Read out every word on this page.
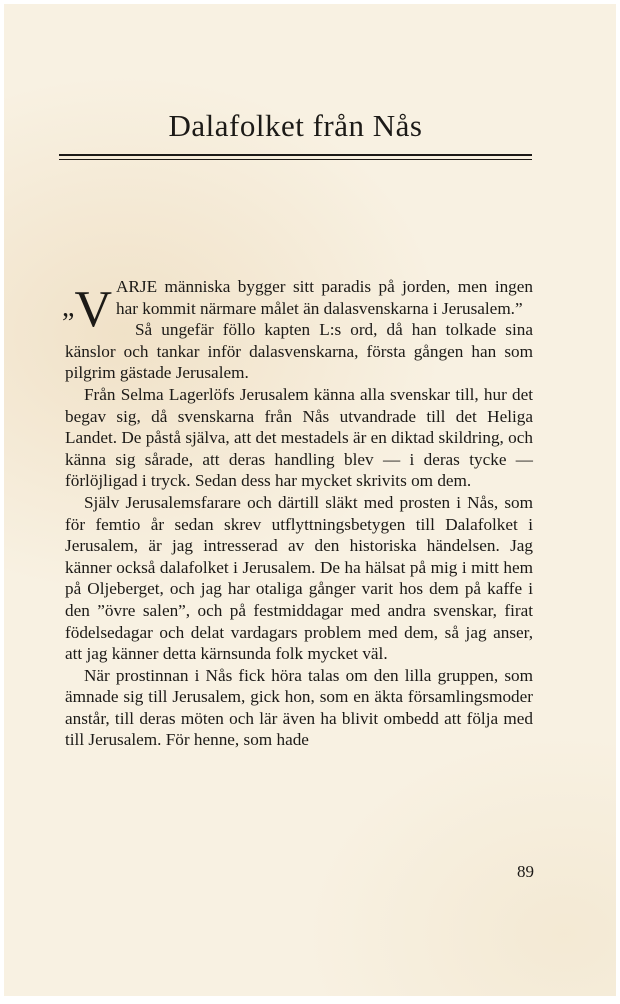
Dalafolket från Nås

”V ARJE människa bygger sitt paradis på jorden, men ingen har kommit närmare målet än dalasvenskarna i Jerusalem.”

Så ungefär föllo kapten L:s ord, då han tolkade sina känslor och tankar inför dalasvenskarna, första gången han som pilgrim gästade Jerusalem.

Från Selma Lagerlöfs Jerusalem känna alla svenskar till, hur det begav sig, då svenskarna från Nås utvandrade till det Heliga Landet. De påstå själva, att det mestadels är en diktad skildring, och känna sig sårade, att deras handling blev — i deras tycke — förlöjligad i tryck. Sedan dess har mycket skrivits om dem.

Själv Jerusalemsfarare och därtill släkt med prosten i Nås, som för femtio år sedan skrev utflyttningsbetygen till Dalafolket i Jerusalem, är jag intresserad av den historiska händelsen. Jag känner också dalafolket i Jerusalem. De ha hälsat på mig i mitt hem på Oljeberget, och jag har otaliga gånger varit hos dem på kaffe i den ”övre salen”, och på festmiddagar med andra svenskar, firat födelsedagar och delat vardagars problem med dem, så jag anser, att jag känner detta kärnsunda folk mycket väl.

När prostinnan i Nås fick höra talas om den lilla gruppen, som ämnade sig till Jerusalem, gick hon, som en äkta församlingsmoder anstår, till deras möten och lär även ha blivit ombedd att följa med till Jerusalem. För henne, som hade

89
